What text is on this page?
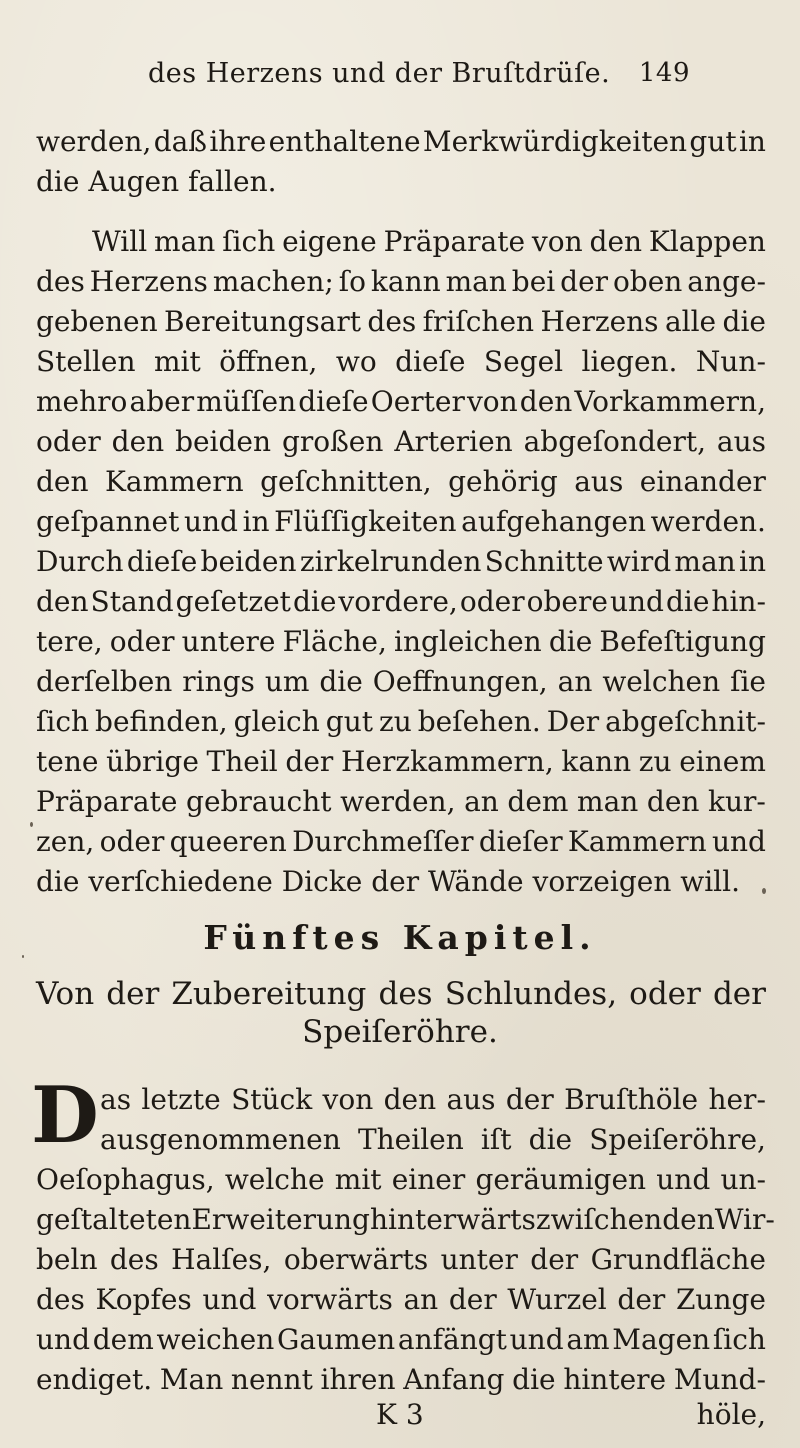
des Herzens und der Bruſtdrüſe. 149
werden, daß ihre enthaltene Merkwürdigkeiten gut in
die Augen fallen.
Will man ſich eigene Präparate von den Klappen
des Herzens machen; ſo kann man bei der oben ange-
gebenen Bereitungsart des friſchen Herzens alle die
Stellen mit öffnen, wo dieſe Segel liegen. Nun-
mehro aber müſſen dieſe Oerter von den Vorkammern,
oder den beiden großen Arterien abgeſondert, aus
den Kammern geſchnitten, gehörig aus einander
geſpannet und in Flüſſigkeiten aufgehangen werden.
Durch dieſe beiden zirkelrunden Schnitte wird man in
den Stand geſetzet die vordere, oder obere und die hin-
tere, oder untere Fläche, ingleichen die Befeſtigung
derſelben rings um die Oeffnungen, an welchen ſie
ſich befinden, gleich gut zu beſehen. Der abgeſchnit-
tene übrige Theil der Herzkammern, kann zu einem
Präparate gebraucht werden, an dem man den kur-
zen, oder queeren Durchmeſſer dieſer Kammern und
die verſchiedene Dicke der Wände vorzeigen will.
Fünftes Kapitel.
Von der Zubereitung des Schlundes, oder der
Speiſeröhre.
D as letzte Stück von den aus der Bruſthöle her-
ausgenommenen Theilen iſt die Speiſeröhre,
Oeſophagus, welche mit einer geräumigen und un-
geſtalteten Erweiterung hinterwärts zwiſchen den Wir-
beln des Halſes, oberwärts unter der Grundfläche
des Kopfes und vorwärts an der Wurzel der Zunge
und dem weichen Gaumen anfängt und am Magen ſich
endiget. Man nennt ihren Anfang die hintere Mund-
K 3	höle,
